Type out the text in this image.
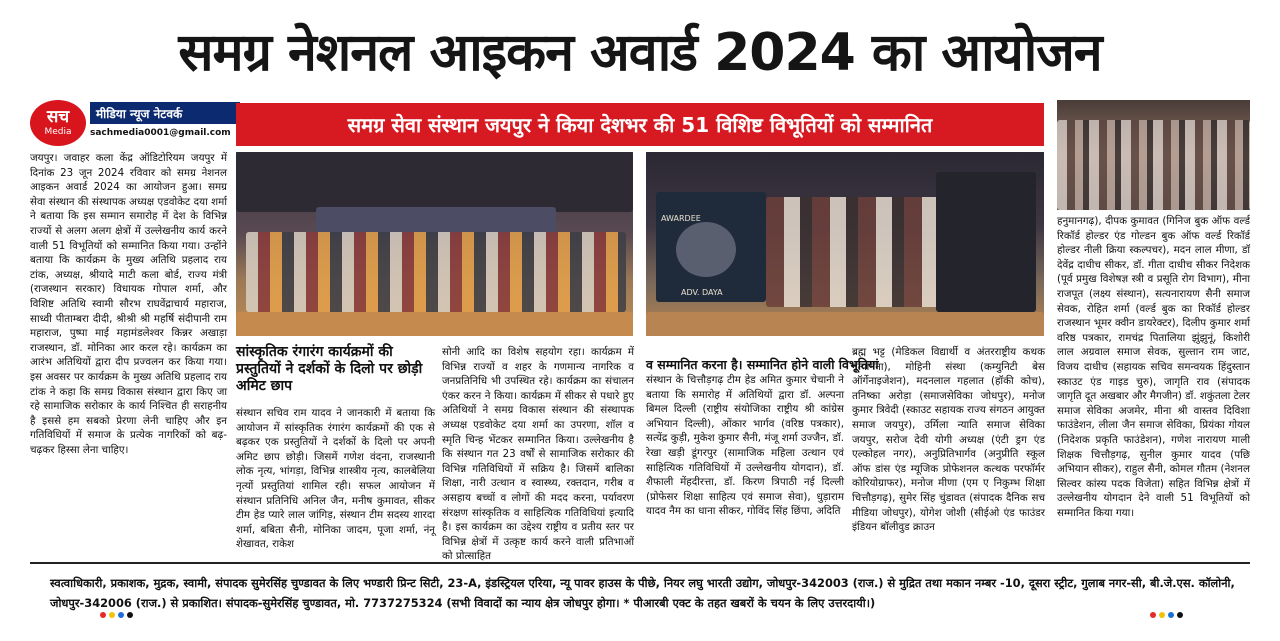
समग्र नेशनल आइकन अवार्ड 2024 का आयोजन
सच
Media
मीडिया न्यूज नेटवर्क
sachmedia0001@gmail.com	समग्र सेवा संस्थान जयपुर ने किया देशभर की 51 विशिष्ट विभूतियों को सम्मानित
AWARDEE
ADV. DAYA
जयपुर। जवाहर कला केंद्र ऑडिटोरियम जयपुर में दिनांक 23 जून 2024 रविवार को समग्र नेशनल आइकन अवार्ड 2024 का आयोजन हुआ। समग्र सेवा संस्थान की संस्थापक अध्यक्ष एडवोकेट दया शर्मा ने बताया कि इस सम्मान समारोह में देश के विभिन्न राज्यों से अलग अलग क्षेत्रों में उल्लेखनीय कार्य करने वाली 51 विभूतियों को सम्मानित किया गया। उन्होंने बताया कि कार्यक्रम के मुख्य अतिथि प्रहलाद राय टांक, अध्यक्ष, श्रीयादे माटी कला बोर्ड, राज्य मंत्री (राजस्थान सरकार) विधायक गोपाल शर्मा, और विशिष्ट अतिथि स्वामी सौरभ राघवेंद्राचार्य महाराज, साध्वी पीताम्बरा दीदी, श्रीश्री श्री महर्षि संदीपानी राम महाराज, पुष्पा माई महामंडलेश्वर किन्नर अखाड़ा राजस्थान, डॉ. मोनिका आर करल रहे। कार्यक्रम का आरंभ अतिथियों द्वारा दीप प्रज्वलन कर किया गया। इस अवसर पर कार्यक्रम के मुख्य अतिथि प्रहलाद राय टांक ने कहा कि समग्र विकास संस्थान द्वारा किए जा रहे सामाजिक सरोकार के कार्य निश्चित ही सराहनीय है इससे हम सबको प्रेरणा लेनी चाहिए और इन गतिविधियों में समाज के प्रत्येक नागरिकों को बढ़-चढ़कर हिस्सा लेना चाहिए।
सांस्कृतिक रंगारंग कार्यक्रमों की प्रस्तुतियों ने दर्शकों के दिलो पर छोड़ी अमिट छाप
संस्थान सचिव राम यादव ने जानकारी में बताया कि आयोजन में सांस्कृतिक रंगारंग कार्यक्रमों की एक से बढ़कर एक प्रस्तुतियों ने दर्शकों के दिलो पर अपनी अमिट छाप छोड़ी। जिसमें गणेश वंदना, राजस्थानी लोक नृत्य, भांगड़ा, विभिन्न शास्त्रीय नृत्य, कालबेलिया नृत्यों प्रस्तुतियां शामिल रही। सफल आयोजन में संस्थान प्रतिनिधि अनिल जैन, मनीष कुमावत, सीकर टीम हेड प्यारे लाल जांगिड़, संस्थान टीम सदस्य शारदा शर्मा, बबिता सैनी, मोनिका जादम, पूजा शर्मा, नंनू शेखावत, राकेश
सोनी आदि का विशेष सहयोग रहा। कार्यक्रम में विभिन्न राज्यों व शहर के गणमान्य नागरिक व जनप्रतिनिधि भी उपस्थित रहे। कार्यक्रम का संचालन एंकर करन ने किया। कार्यक्रम में सीकर से पधारे हुए अतिथियों ने समग्र विकास संस्थान की संस्थापक अध्यक्ष एडवोकेट दया शर्मा का उपरणा, शॉल व स्मृति चिन्ह भेंटकर सम्मानित किया। उल्लेखनीय है कि संस्थान गत 23 वर्षों से सामाजिक सरोकार की विभिन्न गतिविधियों में सक्रिय है। जिसमें बालिका शिक्षा, नारी उत्थान व स्वास्थ्य, रक्तदान, गरीब व असहाय बच्चों व लोगों की मदद करना, पर्यावरण संरक्षण सांस्कृतिक व साहित्यिक गतिविधियां इत्यादि है। इस कार्यक्रम का उद्देश्य राष्ट्रीय व प्रतीय स्तर पर विभिन्न क्षेत्रों में उत्कृष्ट कार्य करने वाली प्रतिभाओं को प्रोत्साहित
व सम्मानित करना है। सम्मानित होने वाली विभूतियां
संस्थान के चित्तौड़गढ़ टीम हेड अमित कुमार चेचानी ने बताया कि समारोह में अतिथियों द्वारा डॉ. अल्पना बिमल दिल्ली (राष्ट्रीय संयोजिका राष्ट्रीय श्री कांग्रेस अभियान दिल्ली), ओंकार भार्गव (वरिष्ठ पत्रकार), सत्येंद्र कुड़ी, मुकेश कुमार सैनी, मंजू शर्मा उज्जैन, डॉ. रेखा खड़ी डूंगरपुर (सामाजिक महिला उत्थान एवं साहित्यिक गतिविधियों में उल्लेखनीय योगदान), डॉ. शैफाली मेंहदीरत्ता, डॉ. किरण त्रिपाठी नई दिल्ली (प्रोफेसर शिक्षा साहित्य एवं समाज सेवा), धुड़ाराम यादव नैम का धाना सीकर, गोविंद सिंह छिंपा, अदिति
ब्रह्म भट्ट (मेडिकल विद्यार्थी व अंतरराष्ट्रीय कथक नृत्यांगना), मोहिनी संस्था (कम्युनिटी बेस ऑर्गेनाइजेशन), मदनलाल गहलात (हॉकी कोच), तनिष्का अरोड़ा (समाजसेविका जोधपुर), मनोज कुमार त्रिवेदी (स्काउट सहायक राज्य संगठन आयुक्त समाज जयपुर), उर्मिला न्याति समाज सेविका जयपुर, सरोज देवी योगी अध्यक्ष (एंटी ड्रग एंड एल्कोहल नगर), अनुप्रितिभार्गव (अनुप्रीति स्कूल ऑफ डांस एंड म्यूजिक प्रोफेशनल कत्थक परफॉर्मर कोरियोग्राफर), मनोज मीणा (एम ए निकुम्भ शिक्षा चित्तौड़गढ़), सुमेर सिंह चुंडावत (संपादक दैनिक सच मीडिया जोधपुर), योगेश जोशी (सीईओ एंड फाउंडर इंडियन बॉलीवुड क्राउन
हनुमानगढ़), दीपक कुमावत (गिनिज बुक ऑफ वर्ल्ड रिकॉर्ड होल्डर एंड गोल्डन बुक ऑफ वर्ल्ड रिकॉर्ड होल्डर नीली क्रिया स्कल्पचर), मदन लाल मीणा, डॉ देवेंद्र दाधीच सीकर, डॉ. गीता दाधीच सीकर निदेशक (पूर्व प्रमुख विशेषज्ञ स्त्री व प्रसूति रोग विभाग), मीना राजपूत (लक्ष्य संस्थान), सत्यनारायण सैनी समाज सेवक, रोहित शर्मा (वर्ल्ड बुक का रिकॉर्ड होल्डर राजस्थान भूमर क्वीन डायरेक्टर), दिलीप कुमार शर्मा वरिष्ठ पत्रकार, रामचंद्र पितालिया झुंझुनूं, किशोरी लाल अग्रवाल समाज सेवक, सुल्तान राम जाट, विजय दाधीच (सहायक सचिव समन्वयक हिंदुस्तान स्काउट एंड गाइड चुरु), जागृति राव (संपादक जागृति दूत अखबार और मैगजीन) डॉ. शकुंतला टेलर समाज सेविका अजमेर, मीना श्री वास्तव दिविशा फाउंडेशन, लीला जैन समाज सेविका, प्रियंका गोयल (निदेशक प्रकृति फाउंडेशन), गणेश नारायण माली शिक्षक चित्तौड़गढ़, सुनील कुमार यादव (पछि अभियान सीकर), राहुल सैनी, कोमल गौतम (नेशनल सिल्वर कांस्य पदक विजेता) सहित विभिन्न क्षेत्रों में उल्लेखनीय योगदान देने वाली 51 विभूतियों को सम्मानित किया गया।
स्वत्वाधिकारी, प्रकाशक, मुद्रक, स्वामी, संपादक सुमेरसिंह चुण्डावत के लिए भण्डारी प्रिन्ट सिटी, 23-A, इंडस्ट्रियल एरिया, न्यू पावर हाउस के पीछे, नियर लघु भारती उद्योग, जोधपुर-342003 (राज.) से मुद्रित तथा मकान नम्बर -10, दूसरा स्ट्रीट, गुलाब नगर-सी, बी.जे.एस. कॉलोनी, जोधपुर-342006 (राज.) से प्रकाशित। संपादक-सुमेरसिंह चुण्डावत, मो. 7737275324 (सभी विवादों का न्याय क्षेत्र जोधपुर होगा। * पीआरबी एक्ट के तहत खबरों के चयन के लिए उत्तरदायी।)
